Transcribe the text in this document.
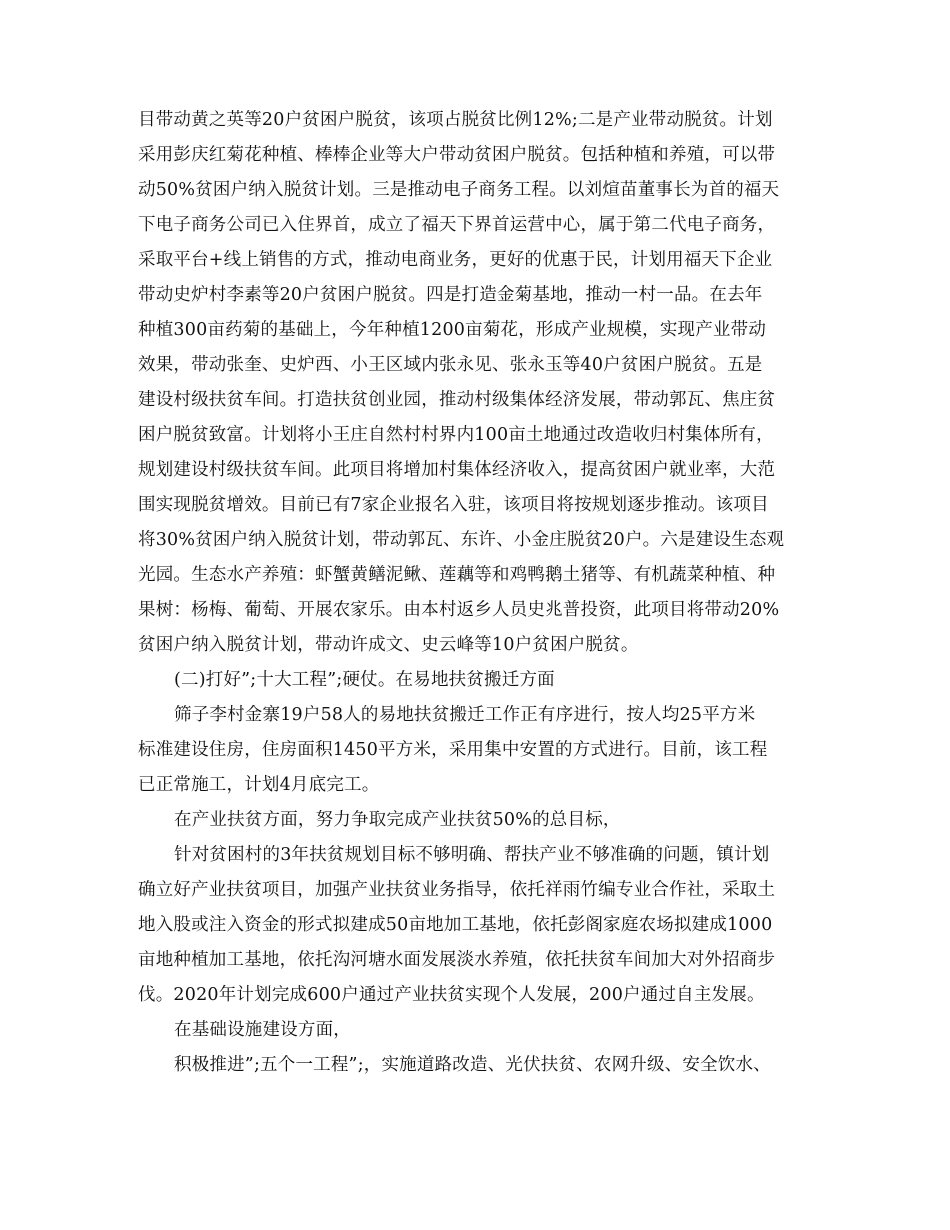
目带动黄之英等20户贫困户脱贫，该项占脱贫比例12%;二是产业带动脱贫。计划
采用彭庆红菊花种植、棒棒企业等大户带动贫困户脱贫。包括种植和养殖，可以带
动50%贫困户纳入脱贫计划。三是推动电子商务工程。以刘煊苗董事长为首的福天
下电子商务公司已入住界首，成立了福天下界首运营中心，属于第二代电子商务，
采取平台+线上销售的方式，推动电商业务，更好的优惠于民，计划用福天下企业
带动史炉村李素等20户贫困户脱贫。四是打造金菊基地，推动一村一品。在去年
种植300亩药菊的基础上，今年种植1200亩菊花，形成产业规模，实现产业带动
效果，带动张奎、史炉西、小王区域内张永见、张永玉等40户贫困户脱贫。五是
建设村级扶贫车间。打造扶贫创业园，推动村级集体经济发展，带动郭瓦、焦庄贫
困户脱贫致富。计划将小王庄自然村村界内100亩土地通过改造收归村集体所有，
规划建设村级扶贫车间。此项目将增加村集体经济收入，提高贫困户就业率，大范
围实现脱贫增效。目前已有7家企业报名入驻，该项目将按规划逐步推动。该项目
将30%贫困户纳入脱贫计划，带动郭瓦、东许、小金庄脱贫20户。六是建设生态观
光园。生态水产养殖：虾蟹黄鳝泥鳅、莲藕等和鸡鸭鹅土猪等、有机蔬菜种植、种
果树：杨梅、葡萄、开展农家乐。由本村返乡人员史兆普投资，此项目将带动20%
贫困户纳入脱贫计划，带动许成文、史云峰等10户贫困户脱贫。
(二)打好”;十大工程”;硬仗。在易地扶贫搬迁方面
筛子李村金寨19户58人的易地扶贫搬迁工作正有序进行，按人均25平方米
标准建设住房，住房面积1450平方米，采用集中安置的方式进行。目前，该工程
已正常施工，计划4月底完工。
在产业扶贫方面，努力争取完成产业扶贫50%的总目标，
针对贫困村的3年扶贫规划目标不够明确、帮扶产业不够准确的问题，镇计划
确立好产业扶贫项目，加强产业扶贫业务指导，依托祥雨竹编专业合作社，采取土
地入股或注入资金的形式拟建成50亩地加工基地，依托彭阁家庭农场拟建成1000
亩地种植加工基地，依托沟河塘水面发展淡水养殖，依托扶贫车间加大对外招商步
伐。2020年计划完成600户通过产业扶贫实现个人发展，200户通过自主发展。
在基础设施建设方面，
积极推进”;五个一工程”;，实施道路改造、光伏扶贫、农网升级、安全饮水、
